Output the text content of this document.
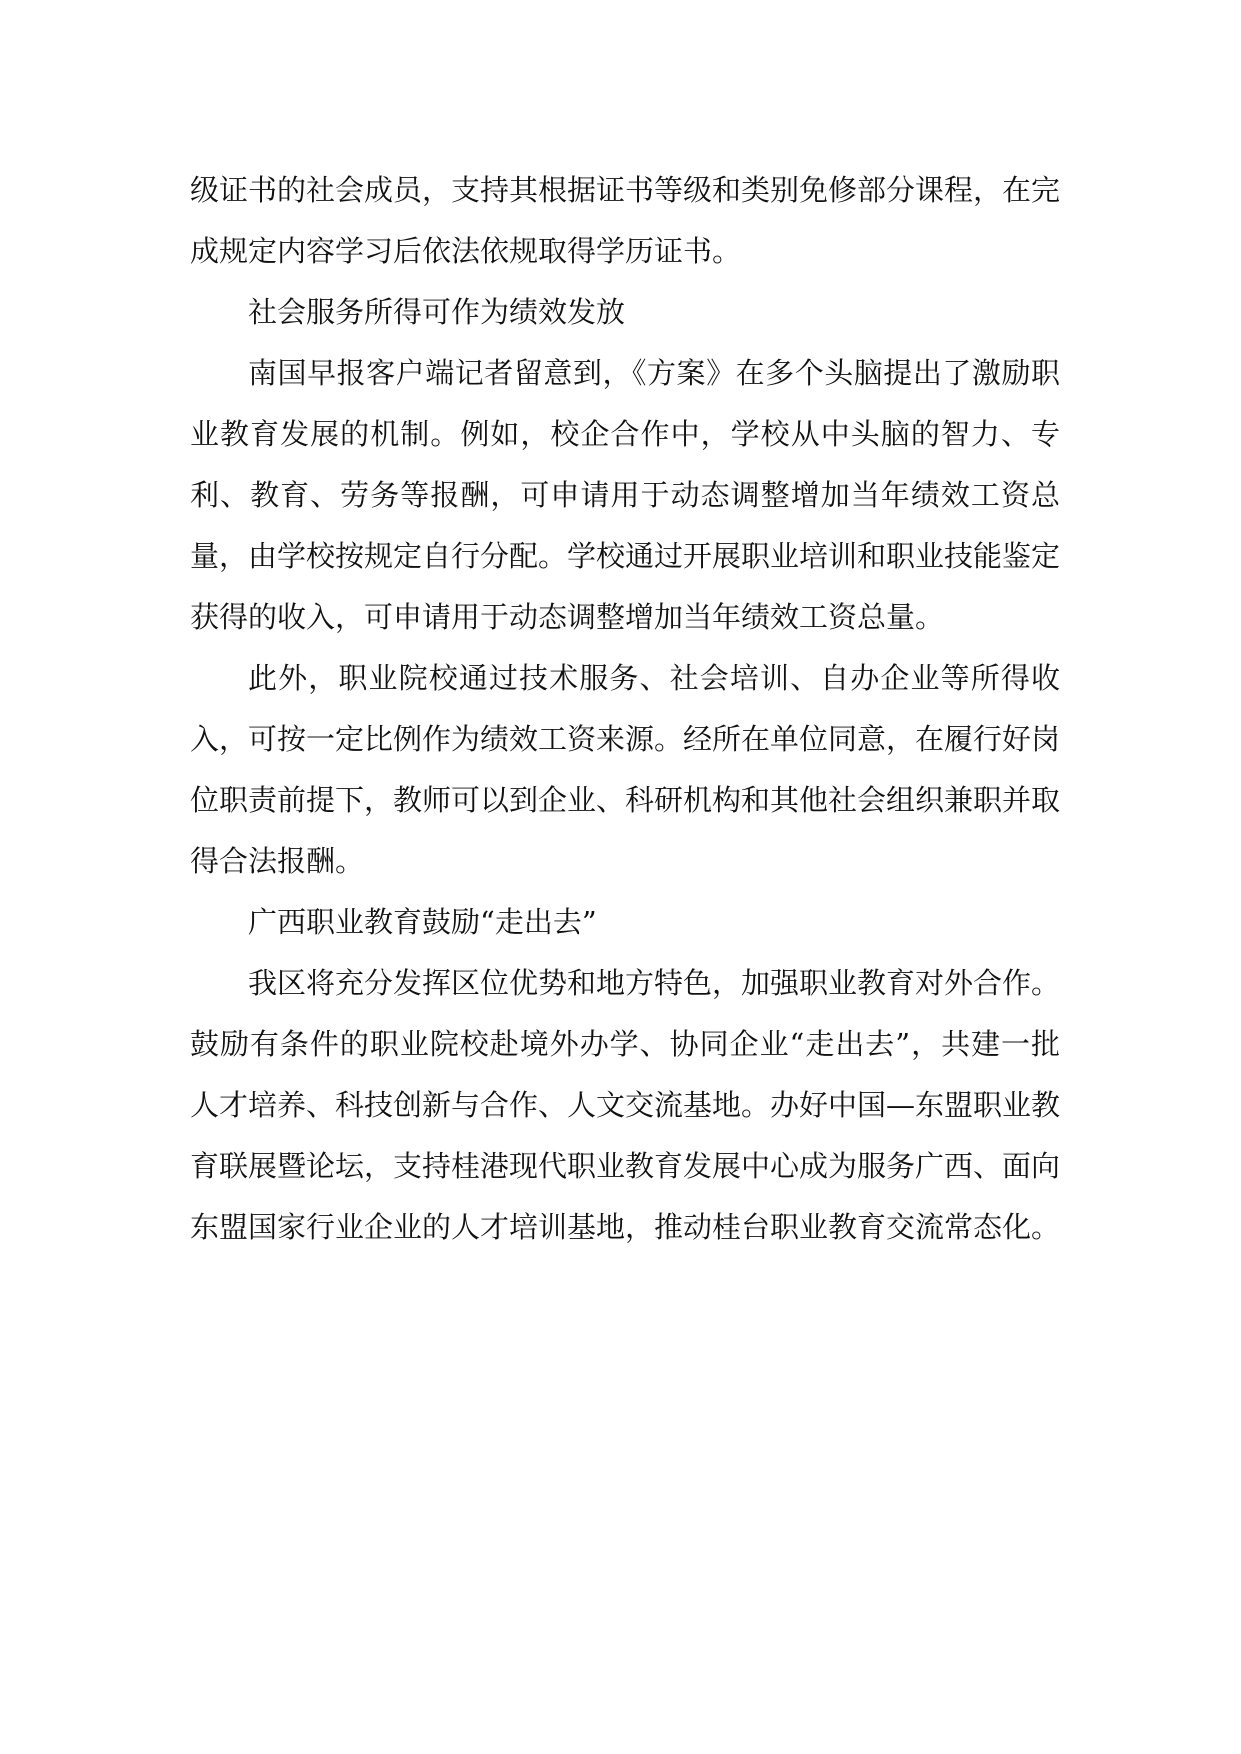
级证书的社会成员，支持其根据证书等级和类别免修部分课程，在完成规定内容学习后依法依规取得学历证书。

社会服务所得可作为绩效发放

南国早报客户端记者留意到，《方案》在多个头脑提出了激励职业教育发展的机制。例如，校企合作中，学校从中头脑的智力、专利、教育、劳务等报酬，可申请用于动态调整增加当年绩效工资总量，由学校按规定自行分配。学校通过开展职业培训和职业技能鉴定获得的收入，可申请用于动态调整增加当年绩效工资总量。

此外，职业院校通过技术服务、社会培训、自办企业等所得收入，可按一定比例作为绩效工资来源。经所在单位同意，在履行好岗位职责前提下，教师可以到企业、科研机构和其他社会组织兼职并取得合法报酬。

广西职业教育鼓励“走出去”

我区将充分发挥区位优势和地方特色，加强职业教育对外合作。鼓励有条件的职业院校赴境外办学、协同企业“走出去”，共建一批人才培养、科技创新与合作、人文交流基地。办好中国—东盟职业教育联展暨论坛，支持桂港现代职业教育发展中心成为服务广西、面向东盟国家行业企业的人才培训基地，推动桂台职业教育交流常态化。
